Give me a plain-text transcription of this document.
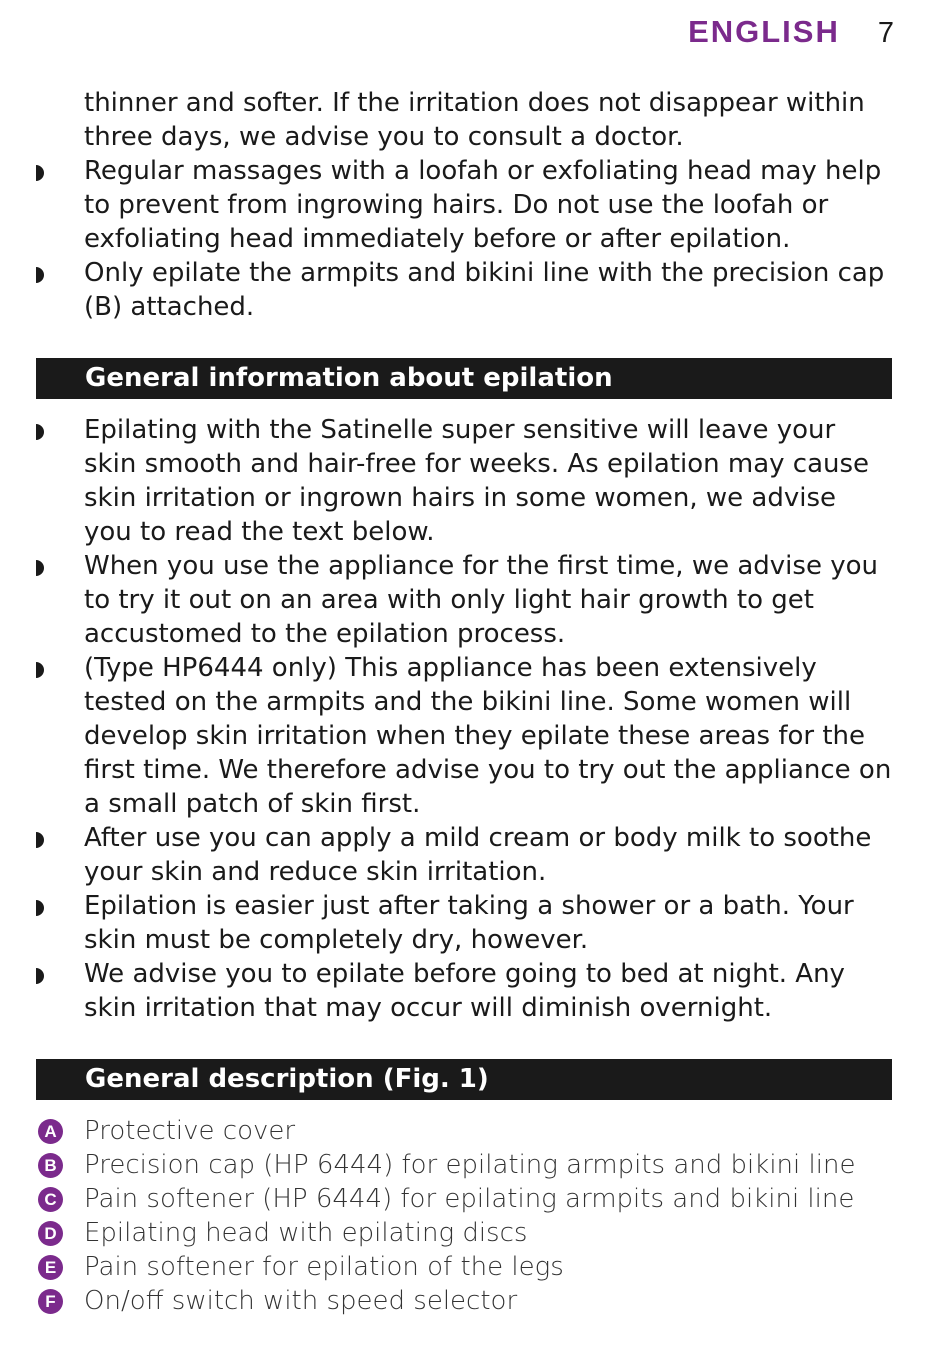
ENGLISH 7

thinner and softer. If the irritation does not disappear within three days, we advise you to consult a doctor.

Regular massages with a loofah or exfoliating head may help to prevent from ingrowing hairs. Do not use the loofah or exfoliating head immediately before or after epilation.
Only epilate the armpits and bikini line with the precision cap (B) attached.
General information about epilation
Epilating with the Satinelle super sensitive will leave your skin smooth and hair-free for weeks. As epilation may cause skin irritation or ingrown hairs in some women, we advise you to read the text below.
When you use the appliance for the first time, we advise you to try it out on an area with only light hair growth to get accustomed to the epilation process.
(Type HP6444 only) This appliance has been extensively tested on the armpits and the bikini line. Some women will develop skin irritation when they epilate these areas for the first time. We therefore advise you to try out the appliance on a small patch of skin first.
After use you can apply a mild cream or body milk to soothe your skin and reduce skin irritation.
Epilation is easier just after taking a shower or a bath. Your skin must be completely dry, however.
We advise you to epilate before going to bed at night. Any skin irritation that may occur will diminish overnight.
General description (Fig. 1)
A Protective cover
B Precision cap (HP 6444) for epilating armpits and bikini line
C Pain softener (HP 6444) for epilating armpits and bikini line
D Epilating head with epilating discs
E Pain softener for epilation of the legs
F On/off switch with speed selector
